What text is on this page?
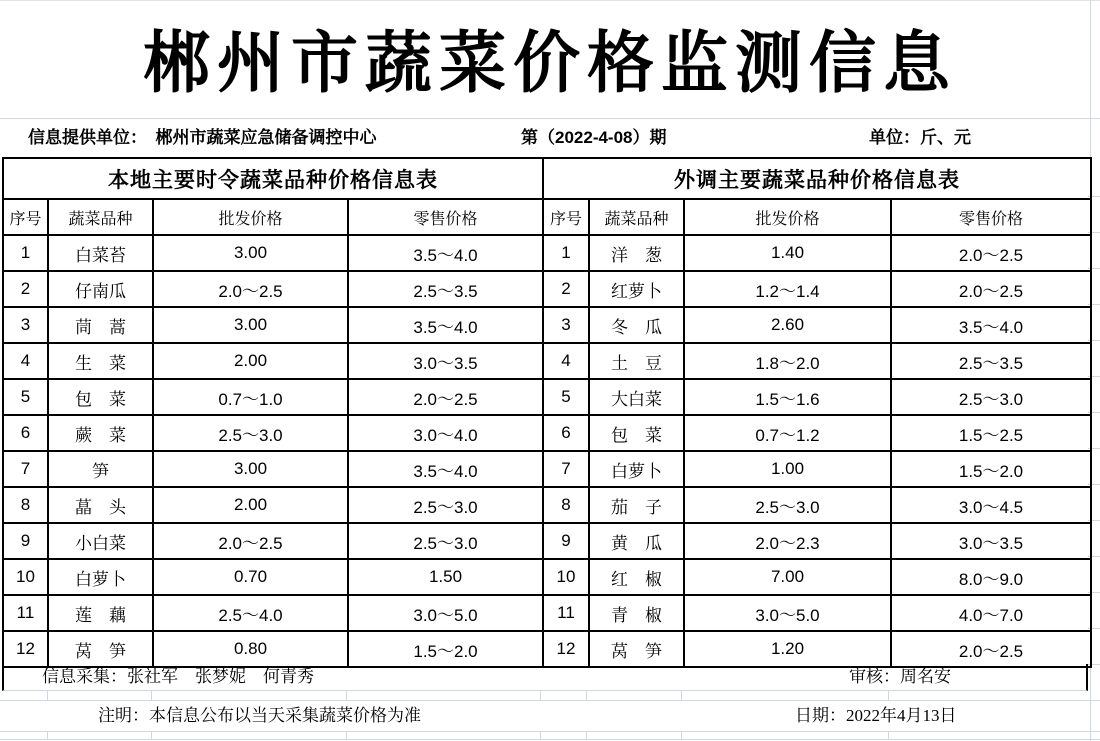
郴州市蔬菜价格监测信息
信息提供单位：　郴州市蔬菜应急储备调控中心	第（2022-4-08）期	单位：斤、元
本地主要时令蔬菜品种价格信息表			
序号	蔬菜品种	批发价格	零售价格
1	白菜苔	3.00	3.5～4.0
2	仔南瓜	2.0～2.5	2.5～3.5
3	茼　蒿	3.00	3.5～4.0
4	生　菜	2.00	3.0～3.5
5	包　菜	0.7～1.0	2.0～2.5
6	蕨　菜	2.5～3.0	3.0～4.0
7	笋	3.00	3.5～4.0
8	蕌　头	2.00	2.5～3.0
9	小白菜	2.0～2.5	2.5～3.0
10	白萝卜	0.70	1.50
11	莲　藕	2.5～4.0	3.0～5.0
12	莴　笋	0.80	1.5～2.0
外调主要蔬菜品种价格信息表			
序号	蔬菜品种	批发价格	零售价格
1	洋　葱	1.40	2.0～2.5
2	红萝卜	1.2～1.4	2.0～2.5
3	冬　瓜	2.60	3.5～4.0
4	土　豆	1.8～2.0	2.5～3.5
5	大白菜	1.5～1.6	2.5～3.0
6	包　菜	0.7～1.2	1.5～2.5
7	白萝卜	1.00	1.5～2.0
8	茄　子	2.5～3.0	3.0～4.5
9	黄　瓜	2.0～2.3	3.0～3.5
10	红　椒	7.00	8.0～9.0
11	青　椒	3.0～5.0	4.0～7.0
12	莴　笋	1.20	2.0～2.5
信息采集：张社军　张梦妮　何青秀	审核：周名安
注明：本信息公布以当天采集蔬菜价格为准	日期：2022年4月13日
